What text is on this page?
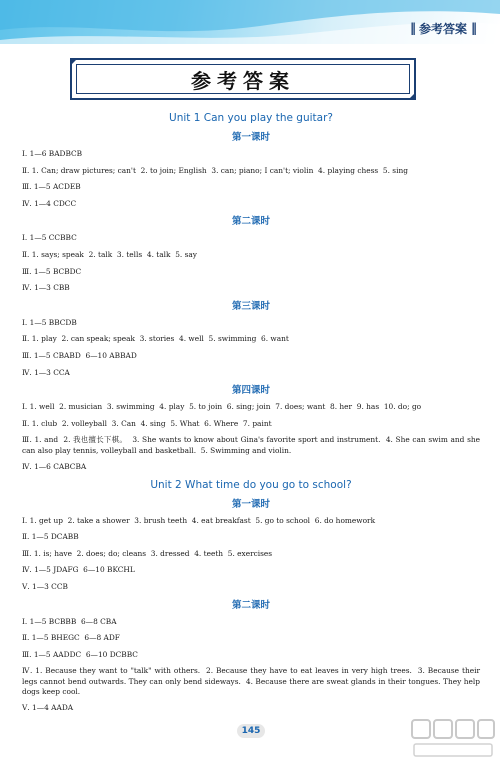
‖ 参考答案 ‖
参考答案
Unit 1 Can you play the guitar?
第一课时
Ⅰ. 1—6 BADBCB
Ⅱ. 1. Can; draw pictures; can't  2. to join; English  3. can; piano; I can't; violin  4. playing chess  5. sing
Ⅲ. 1—5 ACDEB
Ⅳ. 1—4 CDCC
第二课时
Ⅰ. 1—5 CCBBC
Ⅱ. 1. says; speak  2. talk  3. tells  4. talk  5. say
Ⅲ. 1—5 BCBDC
Ⅳ. 1—3 CBB
第三课时
Ⅰ. 1—5 BBCDB
Ⅱ. 1. play  2. can speak; speak  3. stories  4. well  5. swimming  6. want
Ⅲ. 1—5 CBABD  6—10 ABBAD
Ⅳ. 1—3 CCA
第四课时
Ⅰ. 1. well  2. musician  3. swimming  4. play  5. to join  6. sing; join  7. does; want  8. her  9. has  10. do; go
Ⅱ. 1. club  2. volleyball  3. Can  4. sing  5. What  6. Where  7. paint
Ⅲ. 1. and  2. 我也擅长下棋。  3. She wants to know about Gina's favorite sport and instrument.  4. She can swim and she can also play tennis, volleyball and basketball.  5. Swimming and violin.
Ⅳ. 1—6 CABCBA
Unit 2 What time do you go to school?
第一课时
Ⅰ. 1. get up  2. take a shower  3. brush teeth  4. eat breakfast  5. go to school  6. do homework
Ⅱ. 1—5 DCABB
Ⅲ. 1. is; have  2. does; do; cleans  3. dressed  4. teeth  5. exercises
Ⅳ. 1—5 JDAFG  6—10 BKCHL
Ⅴ. 1—3 CCB
第二课时
Ⅰ. 1—5 BCBBB  6—8 CBA
Ⅱ. 1—5 BHEGC  6—8 ADF
Ⅲ. 1—5 AADDC  6—10 DCBBC
Ⅳ. 1. Because they want to "talk" with others.  2. Because they have to eat leaves in very high trees.  3. Because their legs cannot bend outwards. They can only bend sideways.  4. Because there are sweat glands in their tongues. They help dogs keep cool.
Ⅴ. 1—4 AADA
145
